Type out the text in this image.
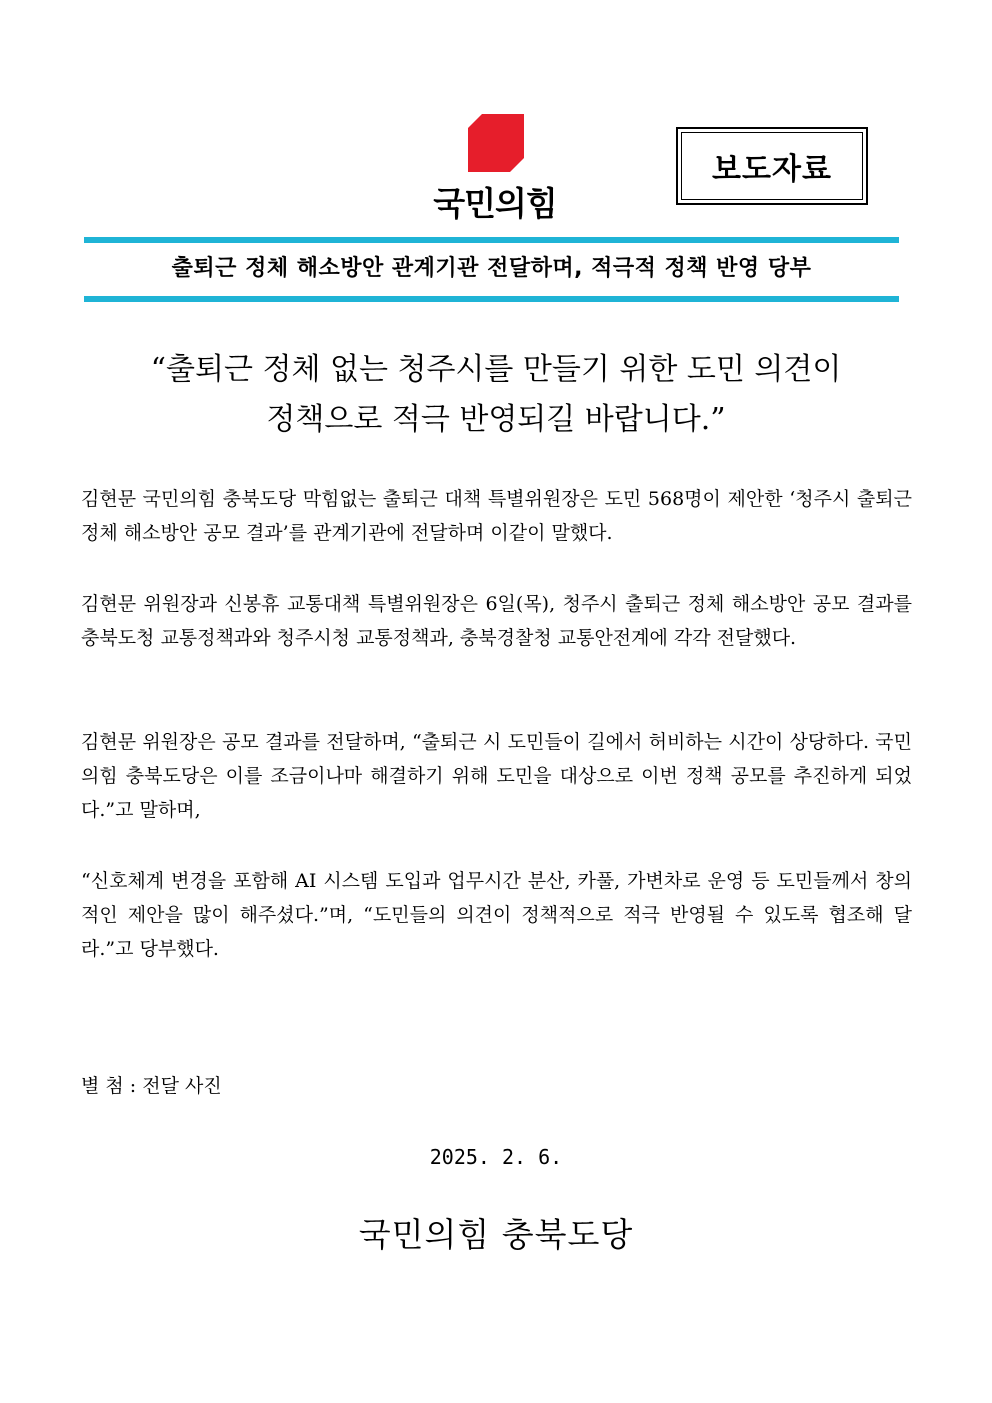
국민의힘
보도자료
출퇴근 정체 해소방안 관계기관 전달하며, 적극적 정책 반영 당부
“출퇴근 정체 없는 청주시를 만들기 위한 도민 의견이
정책으로 적극 반영되길 바랍니다.”

김현문 국민의힘 충북도당 막힘없는 출퇴근 대책 특별위원장은 도민 568명이 제안한 ‘청주시 출퇴근 정체 해소방안 공모 결과’를 관계기관에 전달하며 이같이 말했다.

김현문 위원장과 신봉휴 교통대책 특별위원장은 6일(목), 청주시 출퇴근 정체 해소방안 공모 결과를 충북도청 교통정책과와 청주시청 교통정책과, 충북경찰청 교통안전계에 각각 전달했다.

김현문 위원장은 공모 결과를 전달하며, “출퇴근 시 도민들이 길에서 허비하는 시간이 상당하다. 국민의힘 충북도당은 이를 조금이나마 해결하기 위해 도민을 대상으로 이번 정책 공모를 추진하게 되었다.”고 말하며,

“신호체계 변경을 포함해 AI 시스템 도입과 업무시간 분산, 카풀, 가변차로 운영 등 도민들께서 창의적인 제안을 많이 해주셨다.”며, “도민들의 의견이 정책적으로 적극 반영될 수 있도록 협조해 달라.”고 당부했다.

별 첨 : 전달 사진
2025. 2. 6.
국민의힘 충북도당
